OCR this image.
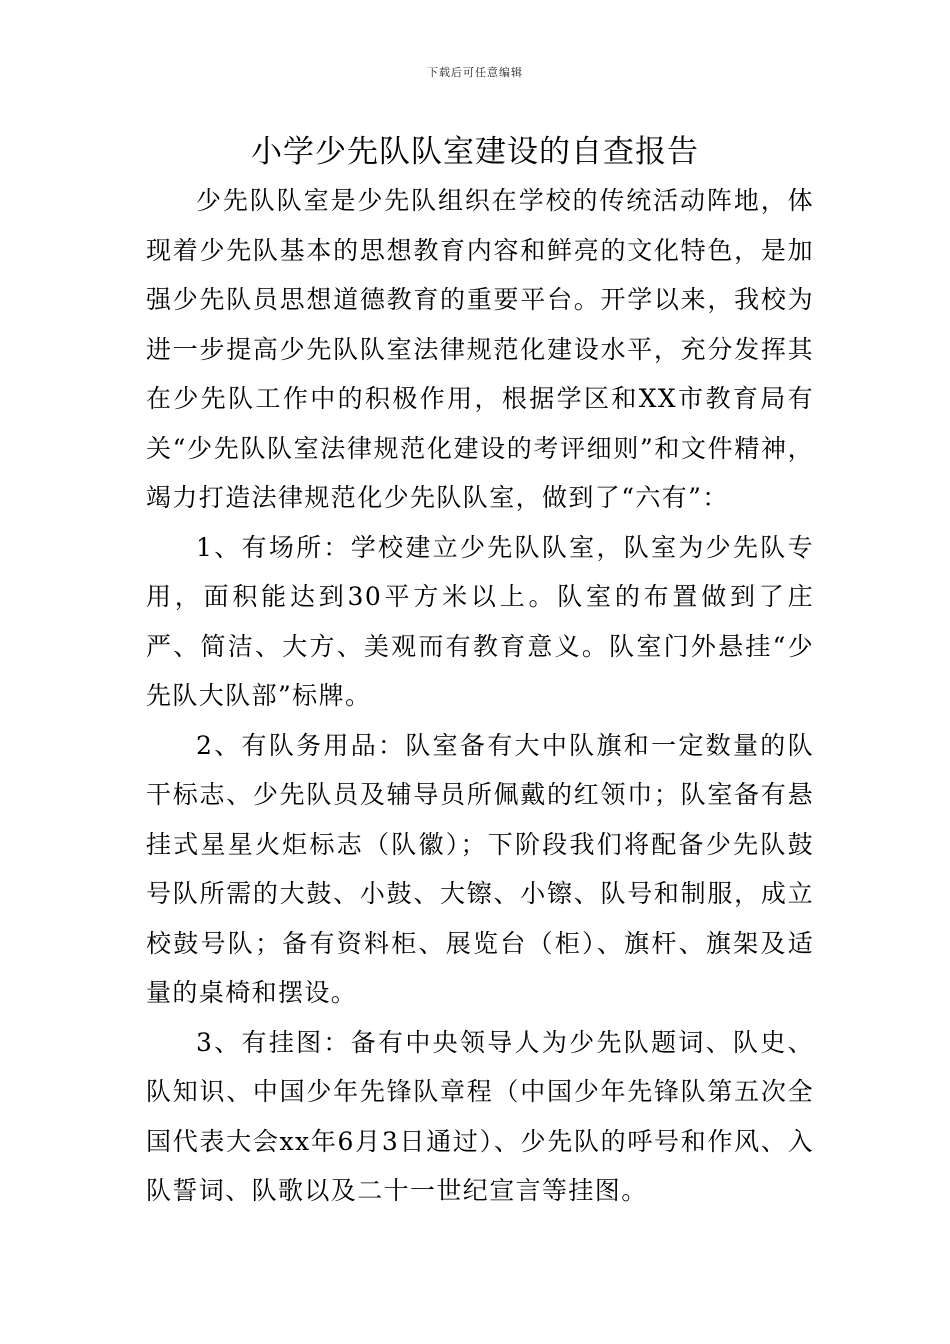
下载后可任意编辑
小学少先队队室建设的自查报告

少先队队室是少先队组织在学校的传统活动阵地，体现着少先队基本的思想教育内容和鲜亮的文化特色，是加强少先队员思想道德教育的重要平台。开学以来，我校为进一步提高少先队队室法律规范化建设水平，充分发挥其在少先队工作中的积极作用，根据学区和XX市教育局有关“少先队队室法律规范化建设的考评细则”和文件精神，竭力打造法律规范化少先队队室，做到了“六有”：

1、有场所：学校建立少先队队室，队室为少先队专用，面积能达到30平方米以上。队室的布置做到了庄严、简洁、大方、美观而有教育意义。队室门外悬挂“少先队大队部”标牌。

2、有队务用品：队室备有大中队旗和一定数量的队干标志、少先队员及辅导员所佩戴的红领巾；队室备有悬挂式星星火炬标志（队徽）；下阶段我们将配备少先队鼓号队所需的大鼓、小鼓、大镲、小镲、队号和制服，成立校鼓号队；备有资料柜、展览台（柜）、旗杆、旗架及适量的桌椅和摆设。

3、有挂图：备有中央领导人为少先队题词、队史、队知识、中国少年先锋队章程（中国少年先锋队第五次全国代表大会xx年6月3日通过）、少先队的呼号和作风、入队誓词、队歌以及二十一世纪宣言等挂图。
